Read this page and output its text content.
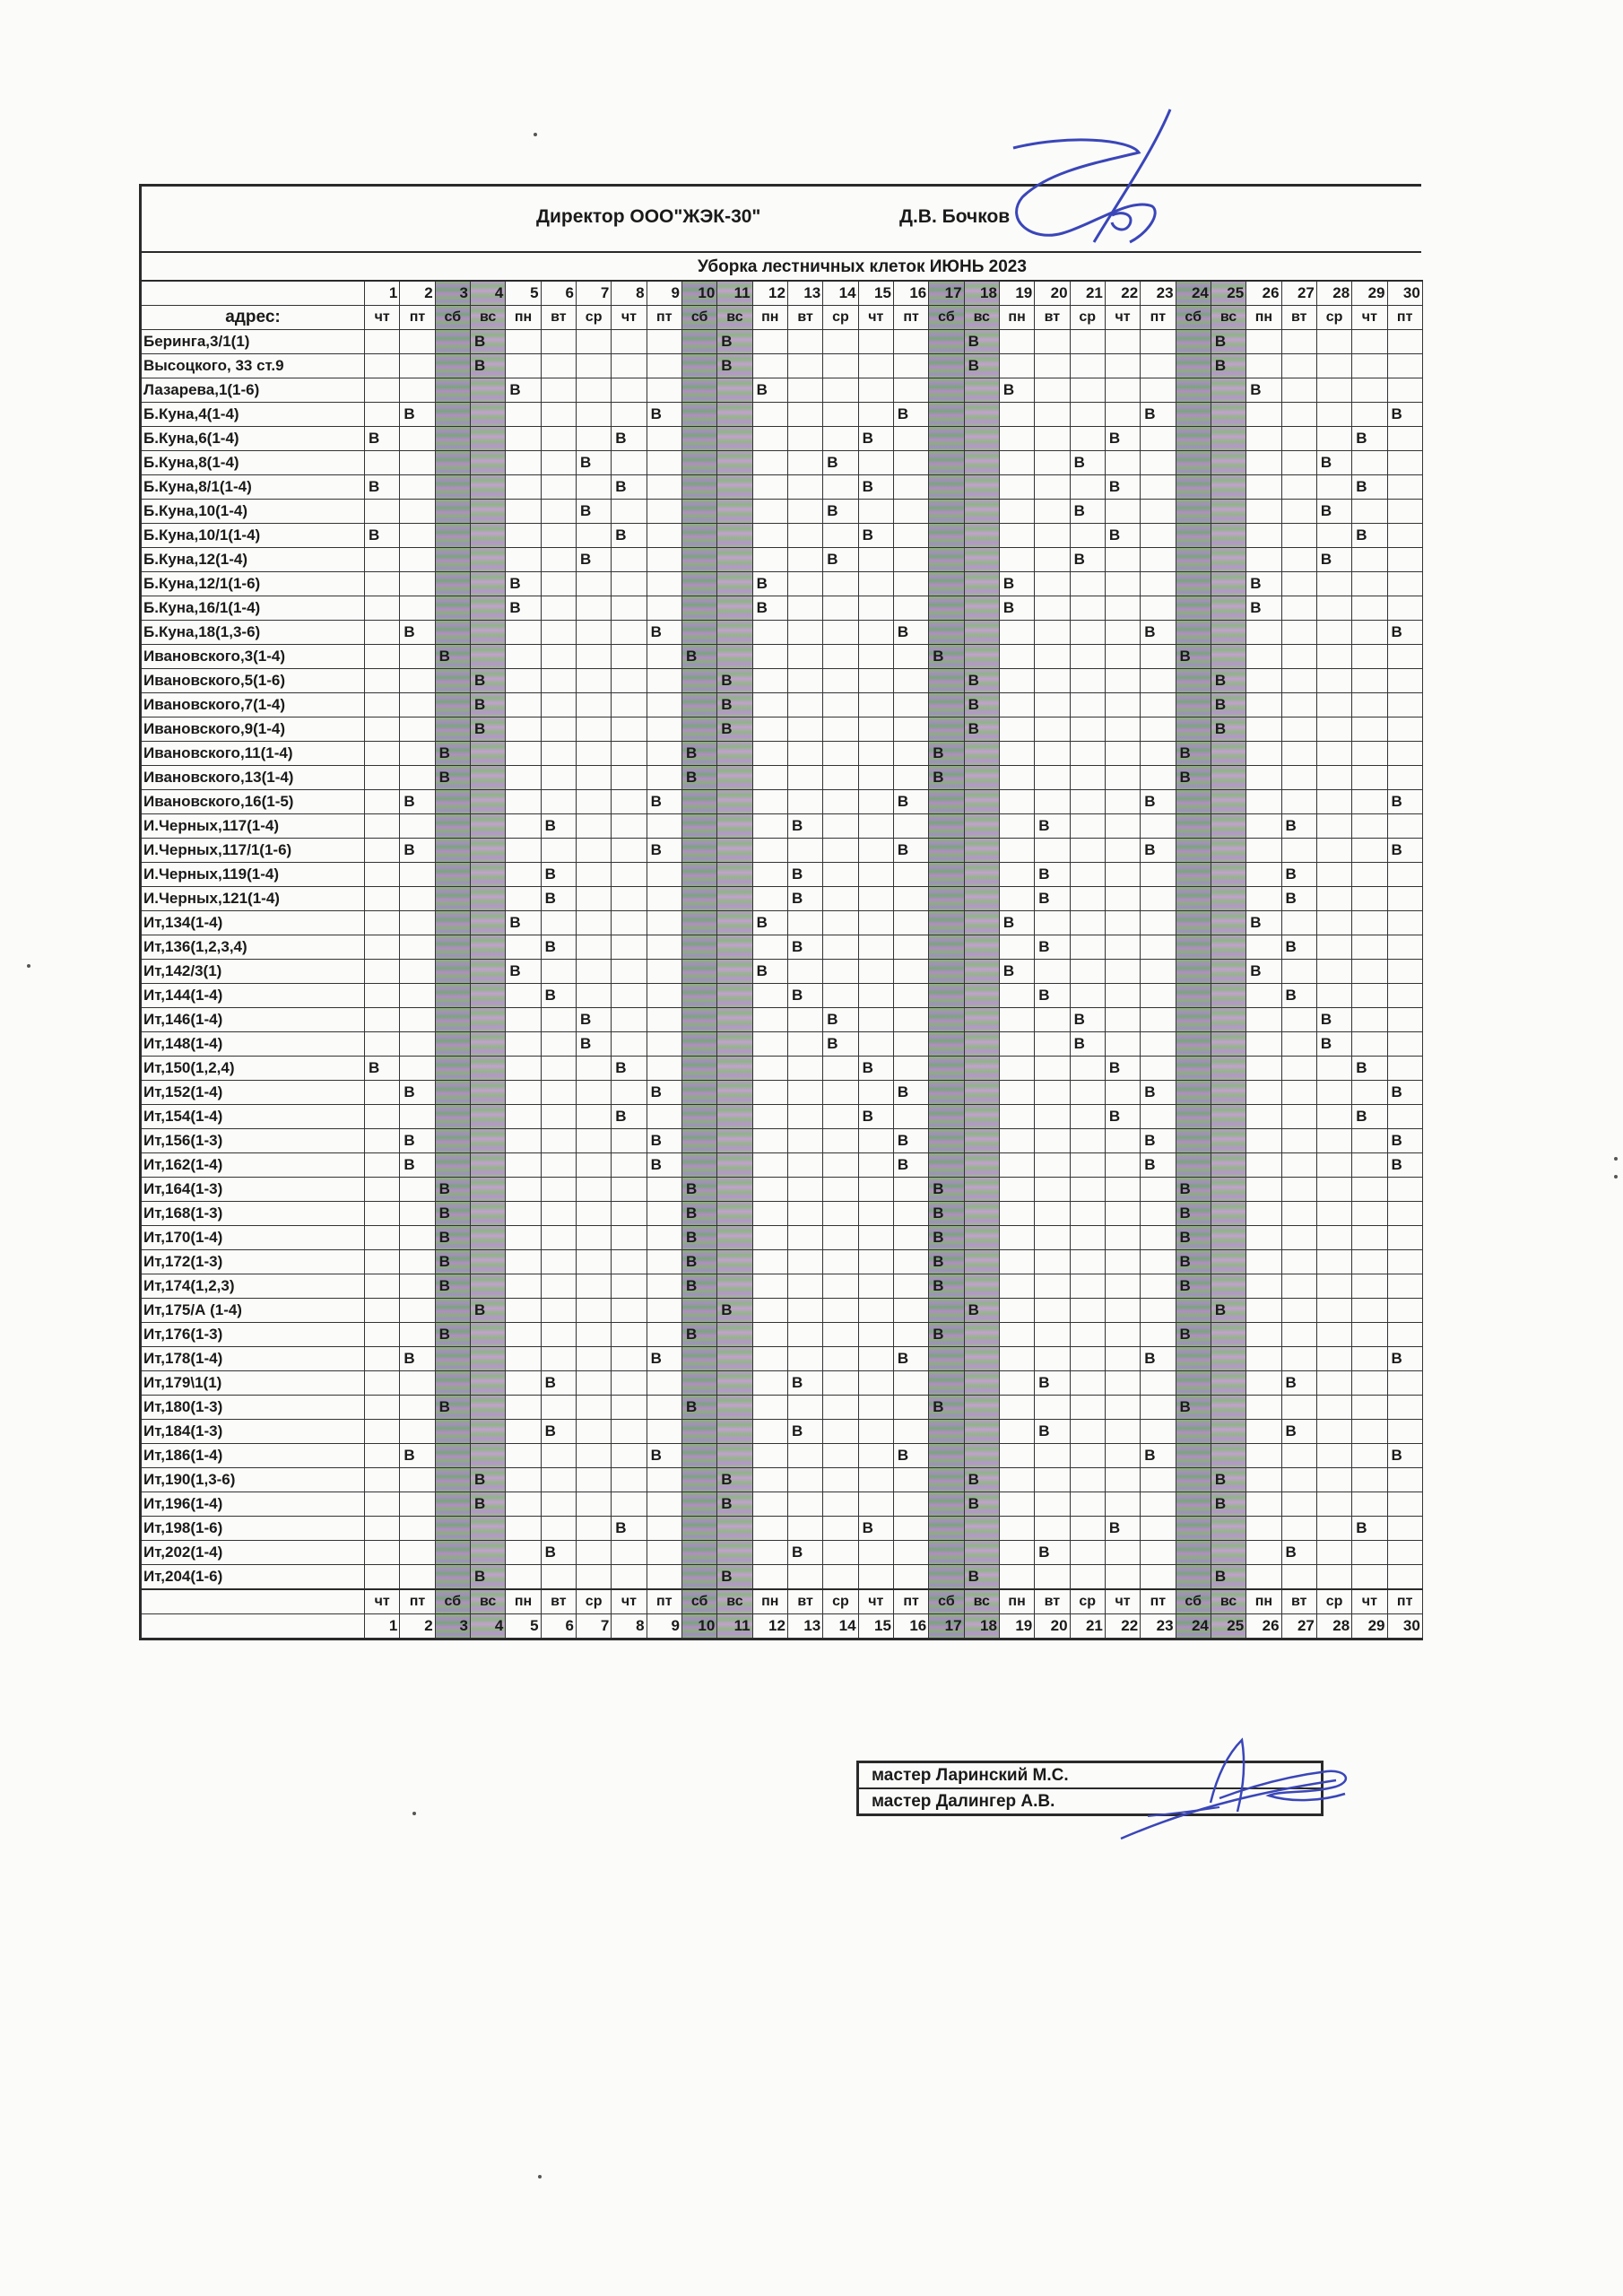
Директор ООО"ЖЭК-30"	Д.В. Бочков
Уборка лестничных клеток ИЮНЬ 2023
	1	2	3	4	5	6	7	8	9	10	11	12	13	14	15	16	17	18	19	20	21	22	23	24	25	26	27	28	29	30
адрес:	чт	пт	сб	вс	пн	вт	ср	чт	пт	сб	вс	пн	вт	ср	чт	пт	сб	вс	пн	вт	ср	чт	пт	сб	вс	пн	вт	ср	чт	пт
Беринга,3/1(1)				В							В							В							В					
Высоцкого, 33 ст.9				В							В							В							В					
Лазарева,1(1-6)					В							В							В							В				
Б.Куна,4(1-4)		В							В							В							В							В
Б.Куна,6(1-4)	В							В							В							В							В	
Б.Куна,8(1-4)							В							В							В							В		
Б.Куна,8/1(1-4)	В							В							В							В							В	
Б.Куна,10(1-4)							В							В							В							В		
Б.Куна,10/1(1-4)	В							В							В							В							В	
Б.Куна,12(1-4)							В							В							В							В		
Б.Куна,12/1(1-6)					В							В							В							В				
Б.Куна,16/1(1-4)					В							В							В							В				
Б.Куна,18(1,3-6)		В							В							В							В							В
Ивановского,3(1-4)			В							В							В							В						
Ивановского,5(1-6)				В							В							В							В					
Ивановского,7(1-4)				В							В							В							В					
Ивановского,9(1-4)				В							В							В							В					
Ивановского,11(1-4)			В							В							В							В						
Ивановского,13(1-4)			В							В							В							В						
Ивановского,16(1-5)		В							В							В							В							В
И.Черных,117(1-4)						В							В							В							В			
И.Черных,117/1(1-6)		В							В							В							В							В
И.Черных,119(1-4)						В							В							В							В			
И.Черных,121(1-4)						В							В							В							В			
Ит,134(1-4)					В							В							В							В				
Ит,136(1,2,3,4)						В							В							В							В			
Ит,142/3(1)					В							В							В							В				
Ит,144(1-4)						В							В							В							В			
Ит,146(1-4)							В							В							В							В		
Ит,148(1-4)							В							В							В							В		
Ит,150(1,2,4)	В							В							В							В							В	
Ит,152(1-4)		В							В							В							В							В
Ит,154(1-4)								В							В							В							В	
Ит,156(1-3)		В							В							В							В							В
Ит,162(1-4)		В							В							В							В							В
Ит,164(1-3)			В							В							В							В						
Ит,168(1-3)			В							В							В							В						
Ит,170(1-4)			В							В							В							В						
Ит,172(1-3)			В							В							В							В						
Ит,174(1,2,3)			В							В							В							В						
Ит,175/А (1-4)				В							В							В							В					
Ит,176(1-3)			В							В							В							В						
Ит,178(1-4)		В							В							В							В							В
Ит,179\1(1)						В							В							В							В			
Ит,180(1-3)			В							В							В							В						
Ит,184(1-3)						В							В							В							В			
Ит,186(1-4)		В							В							В							В							В
Ит,190(1,3-6)				В							В							В							В					
Ит,196(1-4)				В							В							В							В					
Ит,198(1-6)								В							В							В							В	
Ит,202(1-4)						В							В							В							В			
Ит,204(1-6)				В							В							В							В					
	чт	пт	сб	вс	пн	вт	ср	чт	пт	сб	вс	пн	вт	ср	чт	пт	сб	вс	пн	вт	ср	чт	пт	сб	вс	пн	вт	ср	чт	пт
	1	2	3	4	5	6	7	8	9	10	11	12	13	14	15	16	17	18	19	20	21	22	23	24	25	26	27	28	29	30
мастер Ларинский М.С.
мастер Далингер А.В.
